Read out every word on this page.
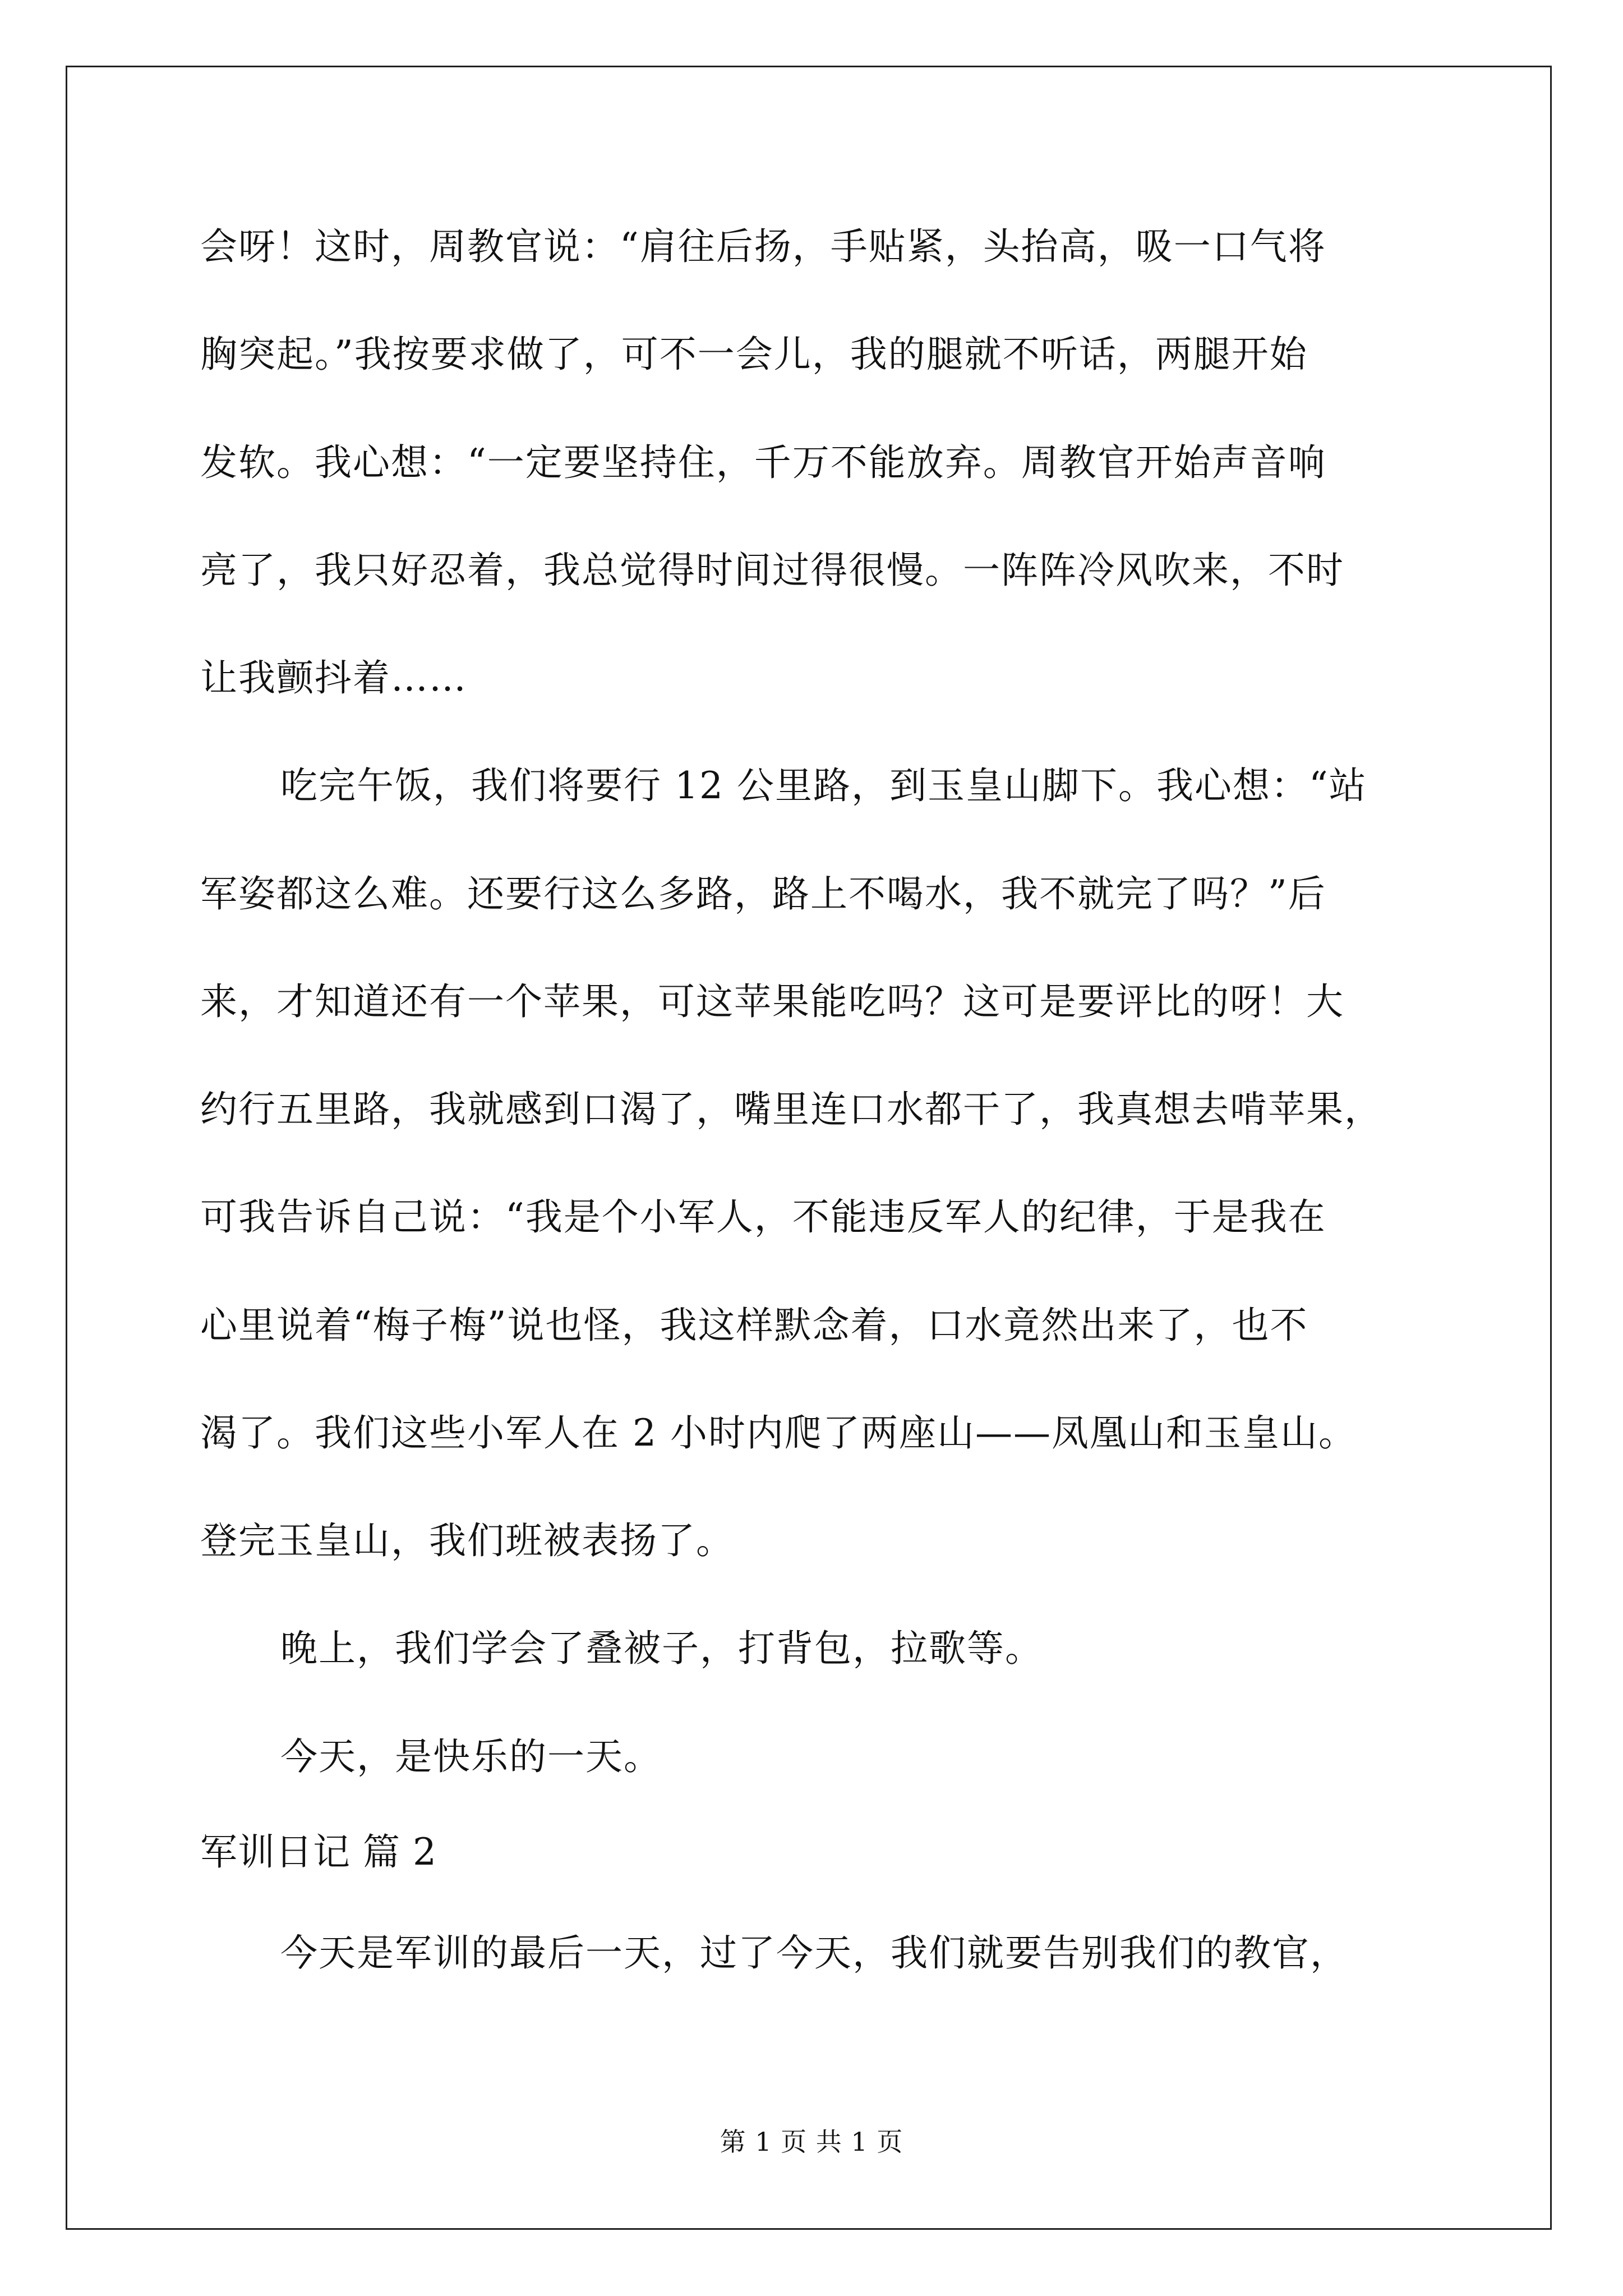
会呀！这时，周教官说：“肩往后扬，手贴紧，头抬高，吸一口气将

胸突起。”我按要求做了，可不一会儿，我的腿就不听话，两腿开始

发软。我心想：“一定要坚持住，千万不能放弃。周教官开始声音响

亮了，我只好忍着，我总觉得时间过得很慢。一阵阵冷风吹来，不时

让我颤抖着……

吃完午饭，我们将要行 12 公里路，到玉皇山脚下。我心想：“站

军姿都这么难。还要行这么多路，路上不喝水，我不就完了吗？”后

来，才知道还有一个苹果，可这苹果能吃吗？这可是要评比的呀！大

约行五里路，我就感到口渴了，嘴里连口水都干了，我真想去啃苹果，

可我告诉自己说：“我是个小军人，不能违反军人的纪律，于是我在

心里说着“梅子梅”说也怪，我这样默念着，口水竟然出来了，也不

渴了。我们这些小军人在 2 小时内爬了两座山——凤凰山和玉皇山。

登完玉皇山，我们班被表扬了。

晚上，我们学会了叠被子，打背包，拉歌等。

今天，是快乐的一天。

军训日记 篇 2

今天是军训的最后一天，过了今天，我们就要告别我们的教官，

第 1 页 共 1 页
